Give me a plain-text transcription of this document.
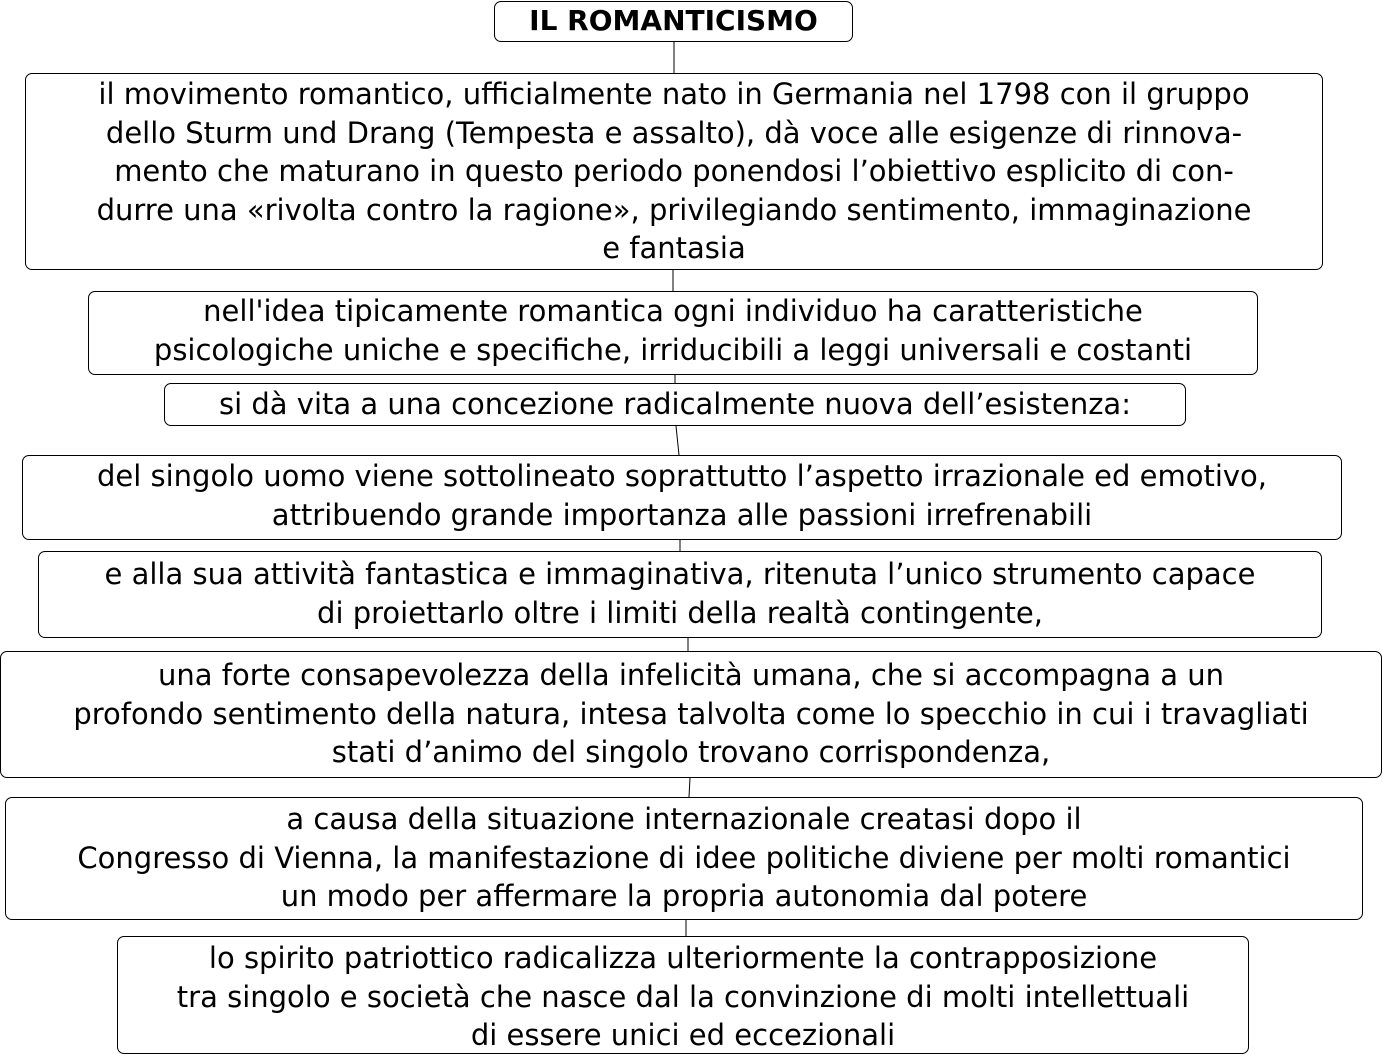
IL ROMANTICISMO
il movimento romantico, ufficialmente nato in Germania nel 1798 con il gruppo
dello Sturm und Drang (Tempesta e assalto), dà voce alle esigenze di rinnova-
mento che maturano in questo periodo ponendosi l’obiettivo esplicito di con-
durre una «rivolta contro la ragione», privilegiando sentimento, immaginazione
e fantasia
nell'idea tipicamente romantica ogni individuo ha caratteristiche
psicologiche uniche e specifiche, irriducibili a leggi universali e costanti
si dà vita a una concezione radicalmente nuova dell’esistenza:
del singolo uomo viene sottolineato soprattutto l’aspetto irrazionale ed emotivo,
attribuendo grande importanza alle passioni irrefrenabili
e alla sua attività fantastica e immaginativa, ritenuta l’unico strumento capace
di proiettarlo oltre i limiti della realtà contingente,
una forte consapevolezza della infelicità umana, che si accompagna a un
profondo sentimento della natura, intesa talvolta come lo specchio in cui i travagliati
stati d’animo del singolo trovano corrispondenza,
a causa della situazione internazionale creatasi dopo il
Congresso di Vienna, la manifestazione di idee politiche diviene per molti romantici
un modo per affermare la propria autonomia dal potere
lo spirito patriottico radicalizza ulteriormente la contrapposizione
tra singolo e società che nasce dal la convinzione di molti intellettuali
di essere unici ed eccezionali
